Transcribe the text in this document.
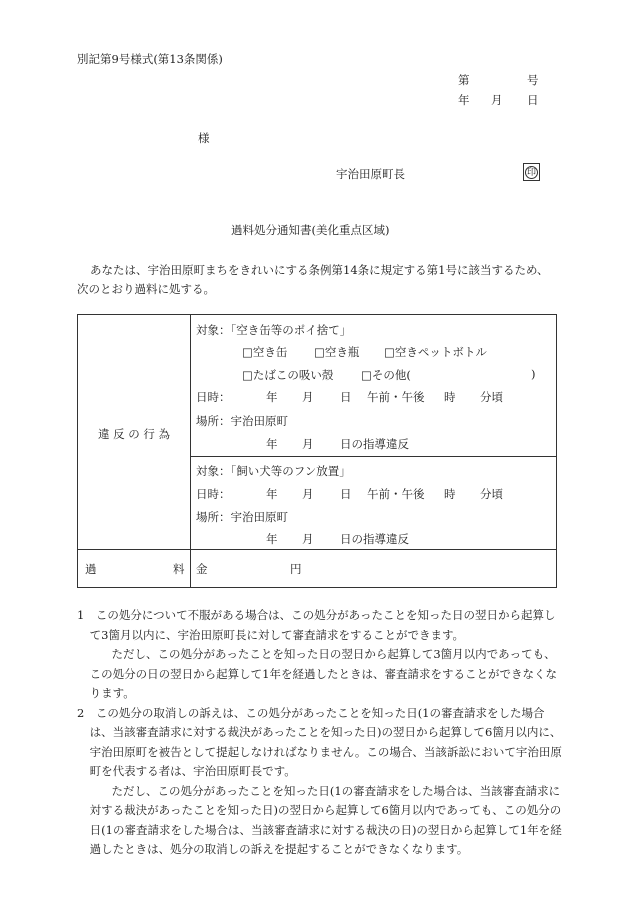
別記第9号様式(第13条関係)
第	号
年 月 日
様
宇治田原町長	印
過料処分通知書(美化重点区域)
あなたは、宇治田原町まちをきれいにする条例第14条に規定する第1号に該当するため、
次のとおり過料に処する。
違 反 の 行 為
対象：「空き缶等のポイ捨て」
□空き缶 □空き瓶 □空きペットボトル
□たばこの吸い殻 □その他(	)
日時：	年 月 日 午前・午後 時 分頃
場所：宇治田原町
年 月 日の指導違反
対象：「飼い犬等のフン放置」
日時：	年 月 日 午前・午後 時 分頃
場所：宇治田原町
年 月 日の指導違反
過	料 金	円

1　この処分について不服がある場合は、この処分があったことを知った日の翌日から起算して3箇月以内に、宇治田原町長に対して審査請求をすることができます。

　ただし、この処分があったことを知った日の翌日から起算して3箇月以内であっても、この処分の日の翌日から起算して1年を経過したときは、審査請求をすることができなくなります。

2　この処分の取消しの訴えは、この処分があったことを知った日(1の審査請求をした場合は、当該審査請求に対する裁決があったことを知った日)の翌日から起算して6箇月以内に、宇治田原町を被告として提起しなければなりません。この場合、当該訴訟において宇治田原町を代表する者は、宇治田原町長です。

　ただし、この処分があったことを知った日(1の審査請求をした場合は、当該審査請求に対する裁決があったことを知った日)の翌日から起算して6箇月以内であっても、この処分の日(1の審査請求をした場合は、当該審査請求に対する裁決の日)の翌日から起算して1年を経過したときは、処分の取消しの訴えを提起することができなくなります。
